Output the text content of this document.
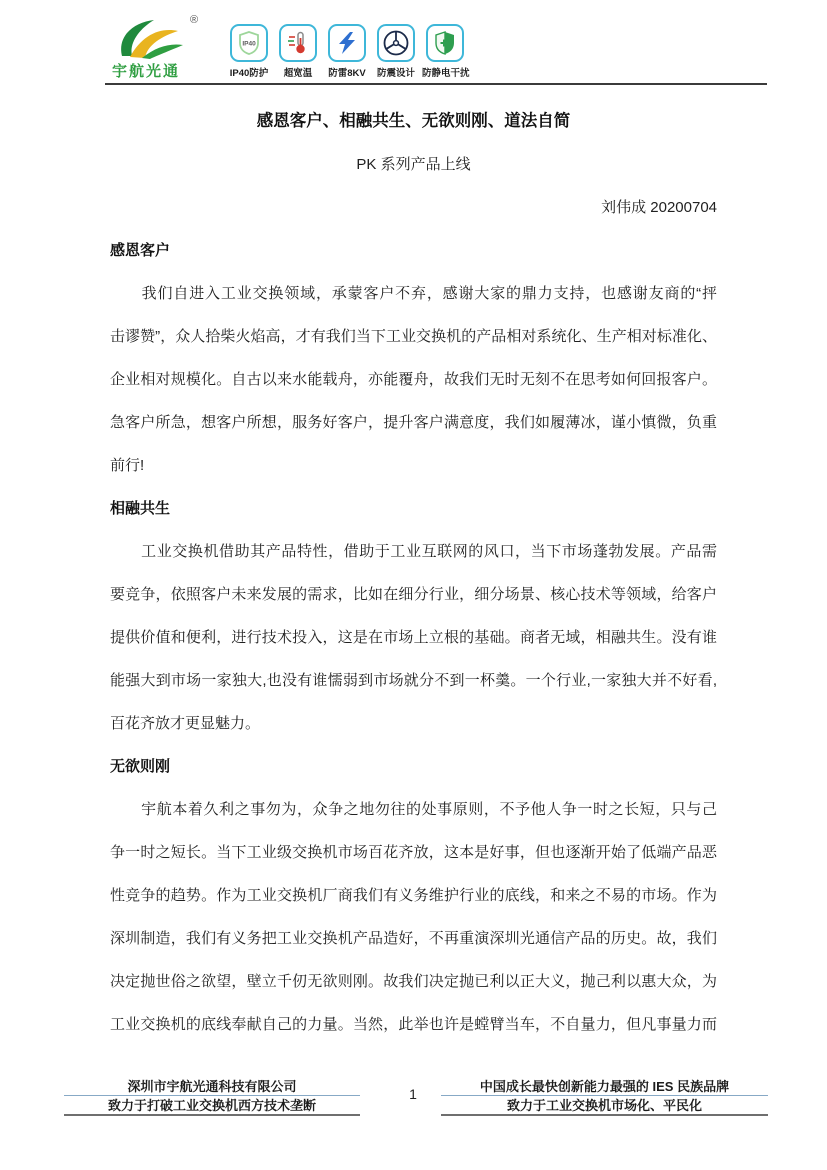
®
宇航光通
IP40
IP40防护	超宽温	防雷8KV	防震设计 防静电干扰
感恩客户、相融共生、无欲则刚、道法自简
PK 系列产品上线
刘伟成 20200704
感恩客户
　　我们自进入工业交换领域，承蒙客户不弃，感谢大家的鼎力支持，也感谢友商的“抨
击谬赞”，众人拾柴火焰高，才有我们当下工业交换机的产品相对系统化、生产相对标准化、
企业相对规模化。自古以来水能载舟，亦能覆舟，故我们无时无刻不在思考如何回报客户。
急客户所急，想客户所想，服务好客户，提升客户满意度，我们如履薄冰，谨小慎微，负重
前行!
相融共生
　　工业交换机借助其产品特性，借助于工业互联网的风口，当下市场蓬勃发展。产品需
要竞争，依照客户未来发展的需求，比如在细分行业，细分场景、核心技术等领域，给客户
提供价值和便利，进行技术投入，这是在市场上立根的基础。商者无域，相融共生。没有谁
能强大到市场一家独大,也没有谁懦弱到市场就分不到一杯羹。一个行业,一家独大并不好看,
百花齐放才更显魅力。
无欲则刚
　　宇航本着久利之事勿为，众争之地勿往的处事原则，不予他人争一时之长短，只与己
争一时之短长。当下工业级交换机市场百花齐放，这本是好事，但也逐渐开始了低端产品恶
性竞争的趋势。作为工业交换机厂商我们有义务维护行业的底线，和来之不易的市场。作为
深圳制造，我们有义务把工业交换机产品造好，不再重演深圳光通信产品的历史。故，我们
决定抛世俗之欲望，壁立千仞无欲则刚。故我们决定抛已利以正大义，抛己利以惠大众，为
工业交换机的底线奉献自己的力量。当然，此举也许是螳臂当车，不自量力，但凡事量力而
深圳市宇航光通科技有限公司
致力于打破工业交换机西方技术垄断
1	中国成长最快创新能力最强的 IES 民族品牌
致力于工业交换机市场化、平民化
